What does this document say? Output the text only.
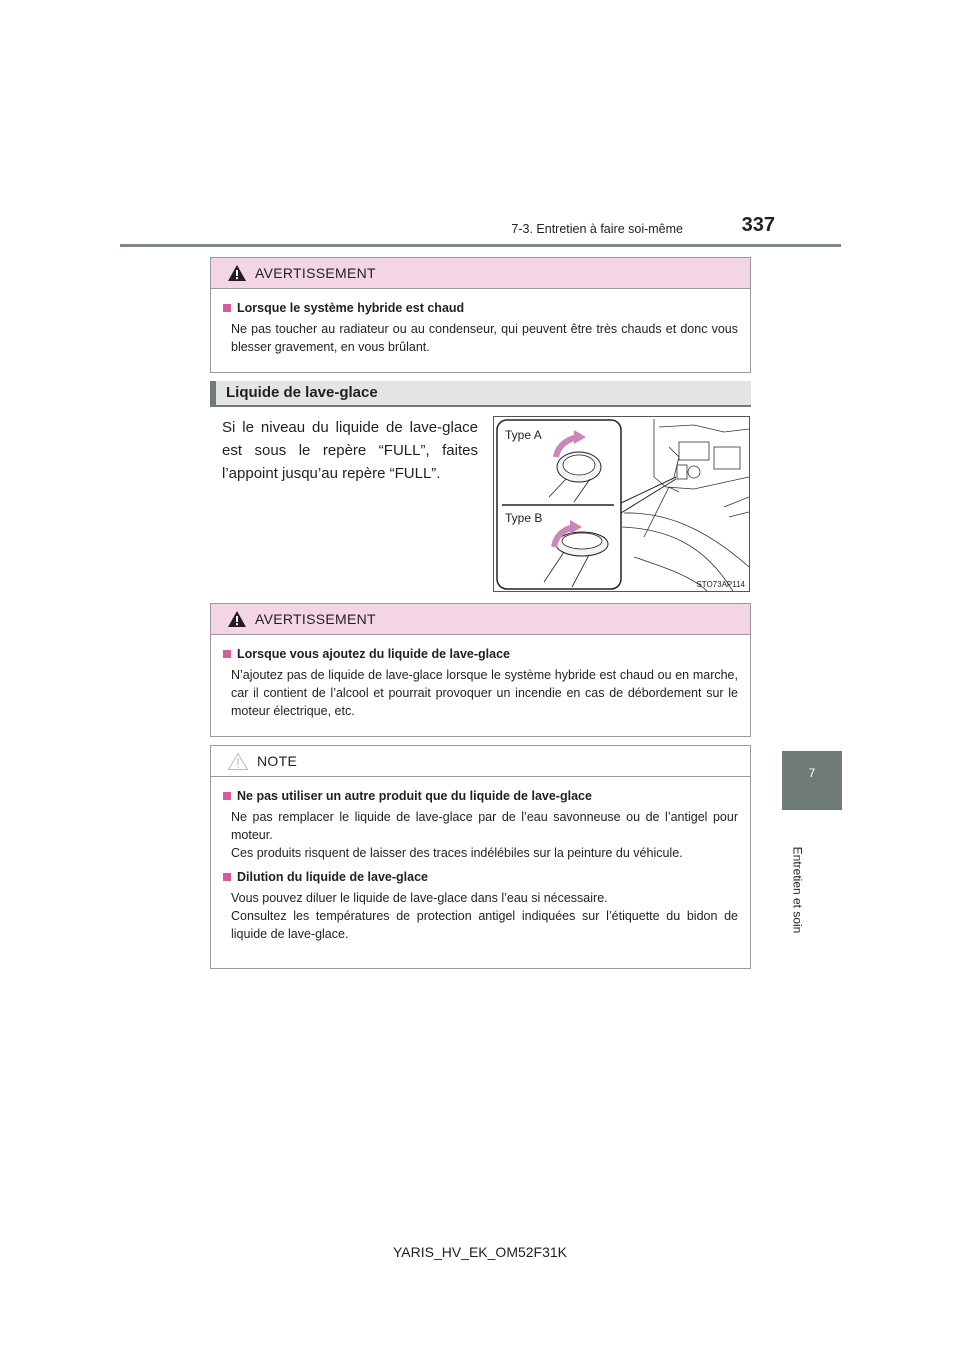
7-3. Entretien à faire soi-même	337
7
Entretien et soin
AVERTISSEMENT
Lorsque le système hybride est chaud

Ne pas toucher au radiateur ou au condenseur, qui peuvent être très chauds et donc vous blesser gravement, en vous brûlant.

Liquide de lave-glace
Si le niveau du liquide de lave-glace est sous le repère “FULL”, faites l’appoint jusqu’au repère “FULL”.
Type A
Type B
STO73AP114
AVERTISSEMENT
Lorsque vous ajoutez du liquide de lave-glace

N’ajoutez pas de liquide de lave-glace lorsque le système hybride est chaud ou en marche, car il contient de l’alcool et pourrait provoquer un incendie en cas de débordement sur le moteur électrique, etc.

NOTE
Ne pas utiliser un autre produit que du liquide de lave-glace

Ne pas remplacer le liquide de lave-glace par de l’eau savonneuse ou de l’antigel pour moteur.

Ces produits risquent de laisser des traces indélébiles sur la peinture du véhicule.

Dilution du liquide de lave-glace

Vous pouvez diluer le liquide de lave-glace dans l’eau si nécessaire.

Consultez les températures de protection antigel indiquées sur l’étiquette du bidon de liquide de lave-glace.

YARIS_HV_EK_OM52F31K
